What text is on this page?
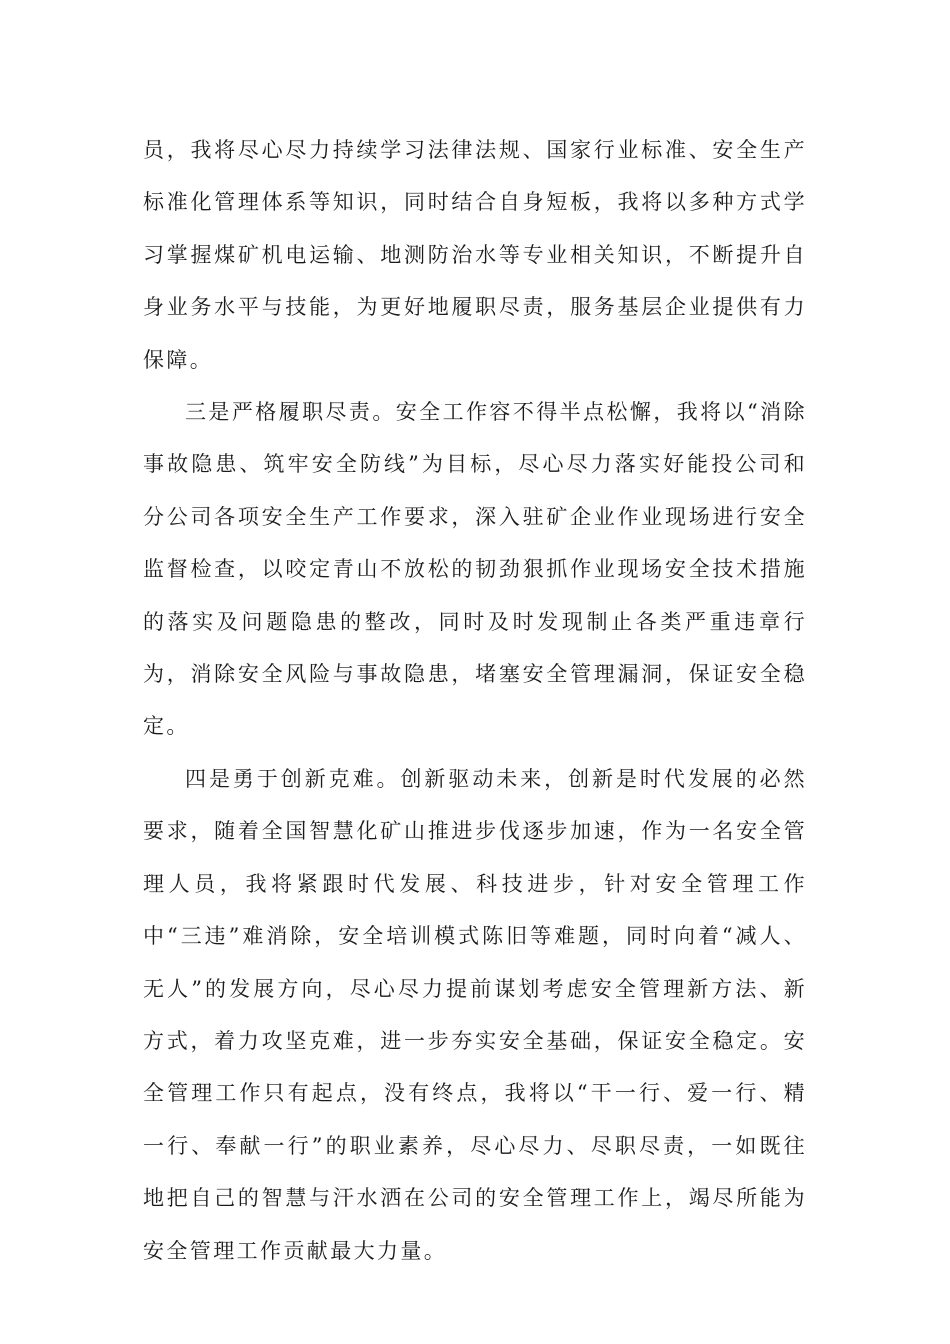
员，我将尽心尽力持续学习法律法规、国家行业标准、安全生产标准化管理体系等知识，同时结合自身短板，我将以多种方式学习掌握煤矿机电运输、地测防治水等专业相关知识，不断提升自身业务水平与技能，为更好地履职尽责，服务基层企业提供有力保障。

三是严格履职尽责。安全工作容不得半点松懈，我将以“消除事故隐患、筑牢安全防线”为目标，尽心尽力落实好能投公司和分公司各项安全生产工作要求，深入驻矿企业作业现场进行安全监督检查，以咬定青山不放松的韧劲狠抓作业现场安全技术措施的落实及问题隐患的整改，同时及时发现制止各类严重违章行为，消除安全风险与事故隐患，堵塞安全管理漏洞，保证安全稳定。

四是勇于创新克难。创新驱动未来，创新是时代发展的必然要求，随着全国智慧化矿山推进步伐逐步加速，作为一名安全管理人员，我将紧跟时代发展、科技进步，针对安全管理工作中“三违”难消除，安全培训模式陈旧等难题，同时向着“减人、无人”的发展方向，尽心尽力提前谋划考虑安全管理新方法、新方式，着力攻坚克难，进一步夯实安全基础，保证安全稳定。安全管理工作只有起点，没有终点，我将以“干一行、爱一行、精一行、奉献一行”的职业素养，尽心尽力、尽职尽责，一如既往地把自己的智慧与汗水洒在公司的安全管理工作上，竭尽所能为安全管理工作贡献最大力量。
